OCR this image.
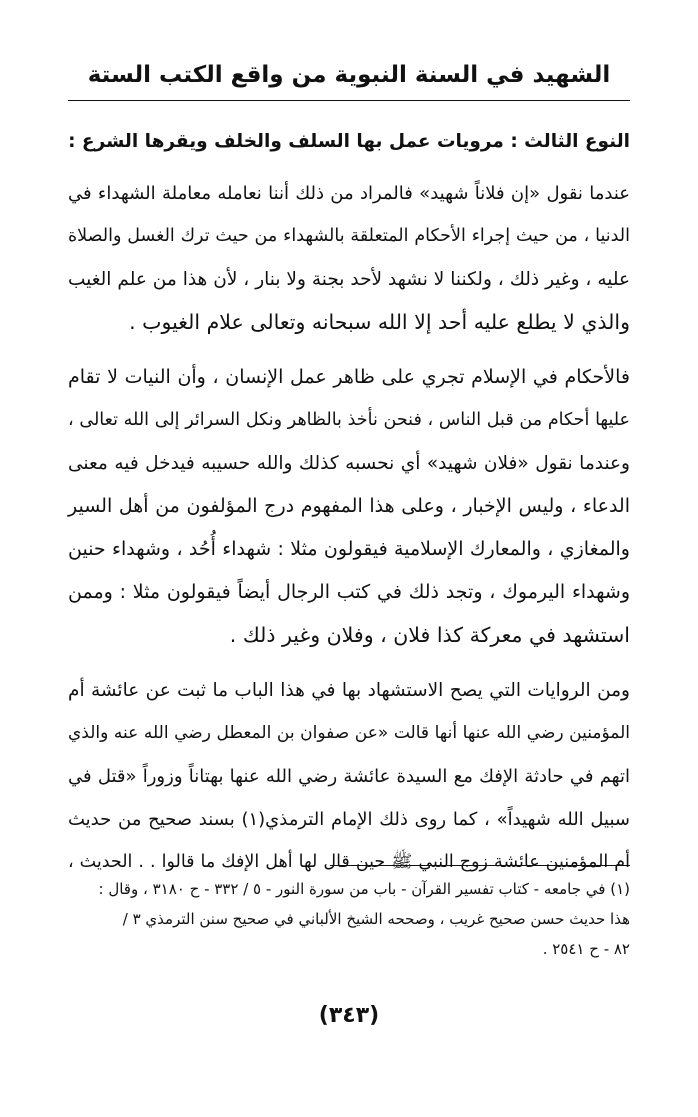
الشهيد في السنة النبوية من واقع الكتب الستة
النوع الثالث : مرويات عمل بها السلف والخلف ويقرها الشرع :
عندما نقول «إن فلاناً شهيد» فالمراد من ذلك أننا نعامله معاملة الشهداء في
الدنيا ، من حيث إجراء الأحكام المتعلقة بالشهداء من حيث ترك الغسل والصلاة
عليه ، وغير ذلك ، ولكننا لا نشهد لأحد بجنة ولا بنار ، لأن هذا من علم الغيب
والذي لا يطلع عليه أحد إلا الله سبحانه وتعالى علام الغيوب .
فالأحكام في الإسلام تجري على ظاهر عمل الإنسان ، وأن النيات لا تقام
عليها أحكام من قبل الناس ، فنحن نأخذ بالظاهر ونكل السرائر إلى الله تعالى ،
وعندما نقول «فلان شهيد» أي نحسبه كذلك والله حسيبه فيدخل فيه معنى
الدعاء ، وليس الإخبار ، وعلى هذا المفهوم درج المؤلفون من أهل السير
والمغازي ، والمعارك الإسلامية فيقولون مثلا : شهداء أُحُد ، وشهداء حنين
وشهداء اليرموك ، وتجد ذلك في كتب الرجال أيضاً فيقولون مثلا : وممن
استشهد في معركة كذا فلان ، وفلان وغير ذلك .
ومن الروايات التي يصح الاستشهاد بها في هذا الباب ما ثبت عن عائشة أم
المؤمنين رضي الله عنها أنها قالت «عن صفوان بن المعطل رضي الله عنه والذي
اتهم في حادثة الإفك مع السيدة عائشة رضي الله عنها بهتاناً وزوراً «قتل في
سبيل الله شهيداً» ، كما روى ذلك الإمام الترمذي(١) بسند صحيح من حديث
أم المؤمنين عائشة زوج النبي ﷺ حين قال لها أهل الإفك ما قالوا . . الحديث ،
(١) في جامعه - كتاب تفسير القرآن - باب من سورة النور - ٥ / ٣٣٢ - ح ٣١٨٠ ، وقال :
هذا حديث حسن صحيح غريب ، وصححه الشيخ الألباني في صحيح سنن الترمذي ٣ /
٨٢ - ح ٢٥٤١ .
(٣٤٣)
